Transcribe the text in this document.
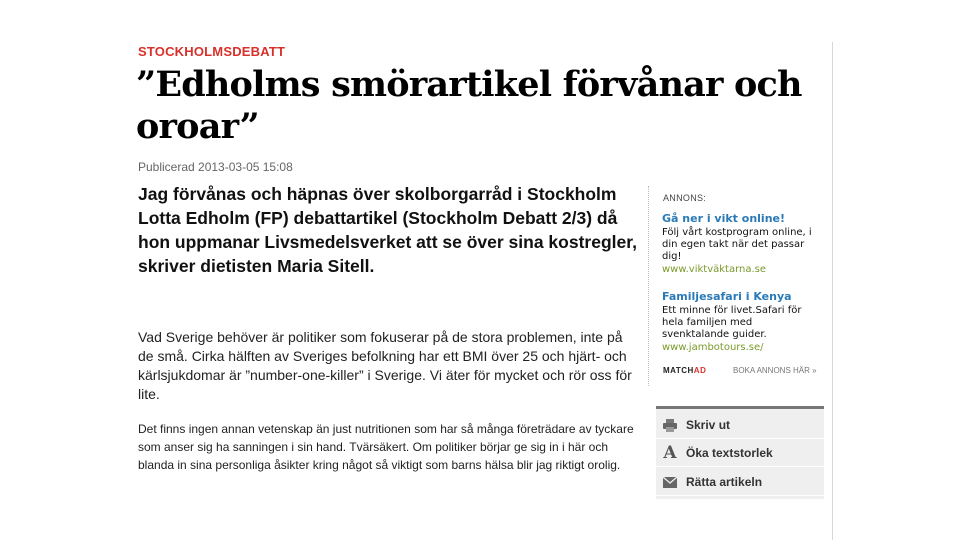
STOCKHOLMSDEBATT
”Edholms smörartikel förvånar och oroar”
Publicerad 2013-03-05 15:08
Jag förvånas och häpnas över skolborgarråd i Stockholm Lotta Edholm (FP) debattartikel (Stockholm Debatt 2/3) då hon uppmanar Livsmedelsverket att se över sina kostregler, skriver dietisten Maria Sitell.
Vad Sverige behöver är politiker som fokuserar på de stora problemen, inte på de små. Cirka hälften av Sveriges befolkning har ett BMI över 25 och hjärt- och kärlsjukdomar är ”number-one-killer” i Sverige. Vi äter för mycket och rör oss för lite.
Det finns ingen annan vetenskap än just nutritionen som har så många företrädare av tyckare som anser sig ha sanningen i sin hand. Tvärsäkert. Om politiker börjar ge sig in i här och blanda in sina personliga åsikter kring något så viktigt som barns hälsa blir jag riktigt orolig.
ANNONS:
Gå ner i vikt online!
Följ vårt kostprogram online, i din egen takt när det passar dig!
www.viktväktarna.se
Familjesafari i Kenya
Ett minne för livet.Safari för hela familjen med svenktalande guider.
www.jambotours.se/
MATCHAD	BOKA ANNONS HÄR »
Skriv ut
A Öka textstorlek
Rätta artikeln
